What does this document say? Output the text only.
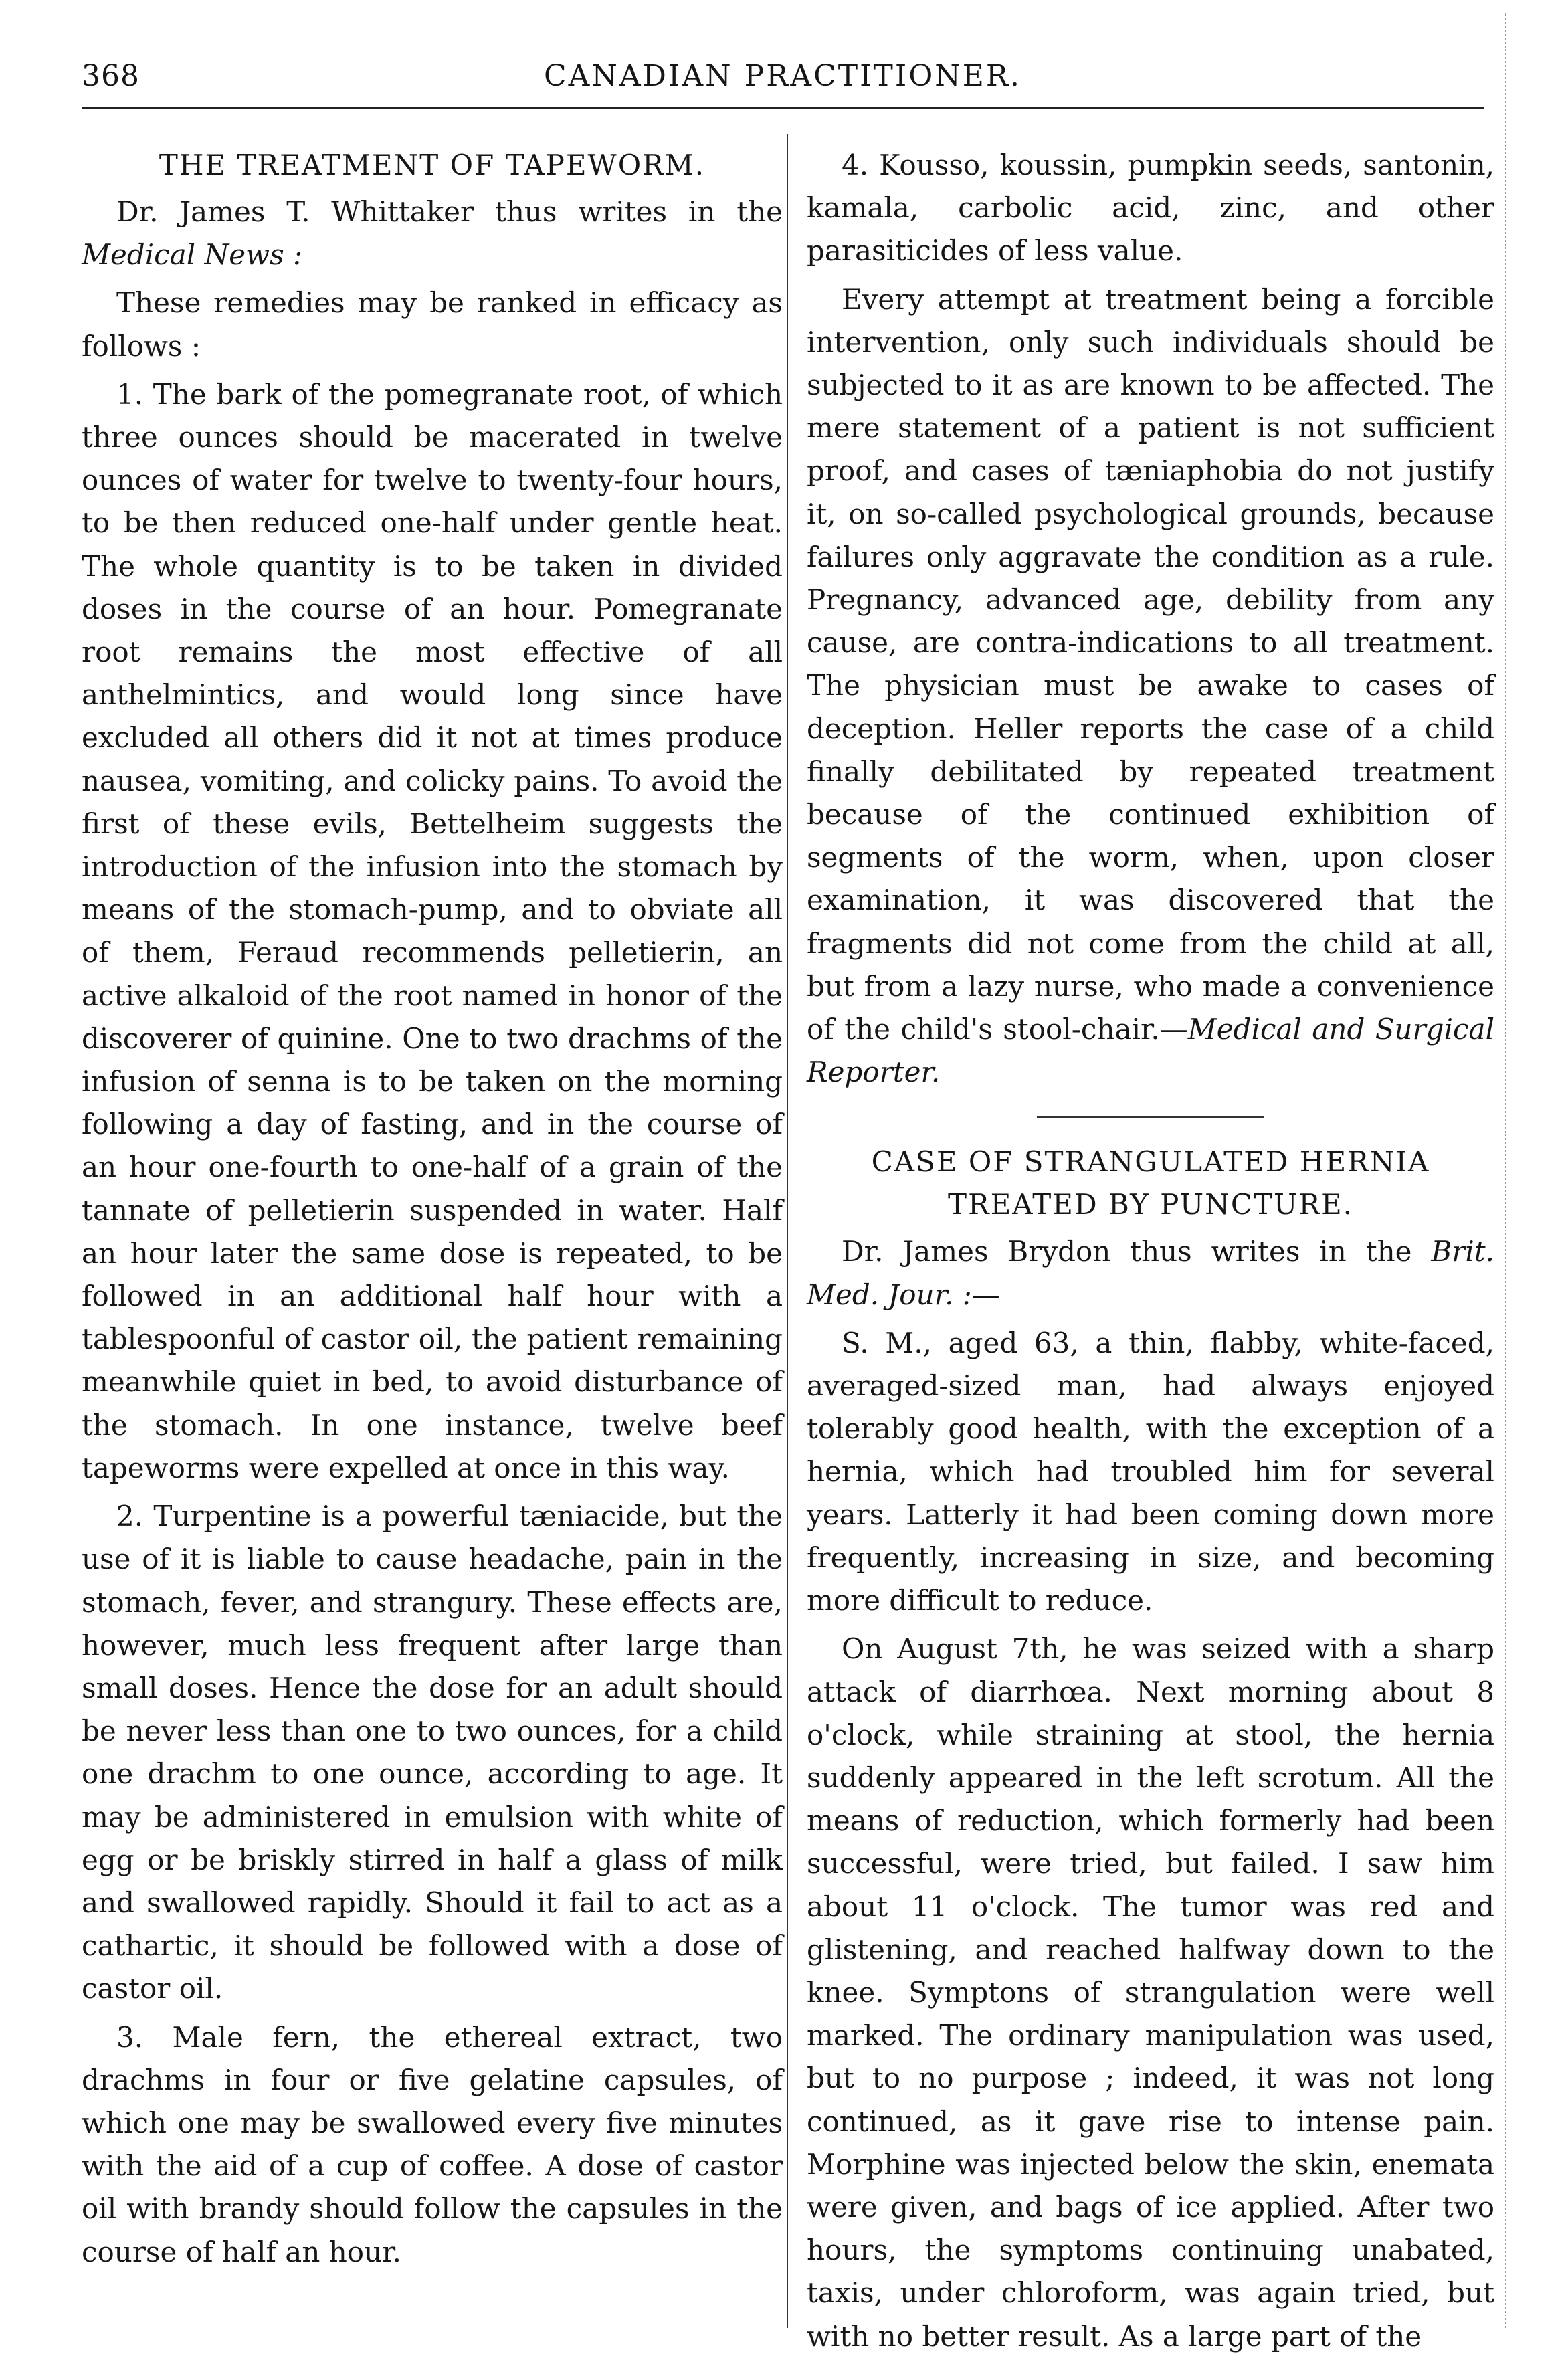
368	CANADIAN PRACTITIONER.
THE TREATMENT OF TAPEWORM.

Dr. James T. Whittaker thus writes in the Medical News :

These remedies may be ranked in efficacy as follows :

1. The bark of the pomegranate root, of which three ounces should be macerated in twelve ounces of water for twelve to twenty-four hours, to be then reduced one-half under gentle heat. The whole quantity is to be taken in divided doses in the course of an hour. Pomegranate root remains the most effective of all anthelmintics, and would long since have excluded all others did it not at times produce nausea, vomiting, and colicky pains. To avoid the first of these evils, Bettelheim suggests the introduction of the infusion into the stomach by means of the stomach-pump, and to obviate all of them, Feraud recommends pelletierin, an active alkaloid of the root named in honor of the discoverer of quinine. One to two drachms of the infusion of senna is to be taken on the morning following a day of fasting, and in the course of an hour one-fourth to one-half of a grain of the tannate of pelletierin suspended in water. Half an hour later the same dose is repeated, to be followed in an additional half hour with a tablespoonful of castor oil, the patient remaining meanwhile quiet in bed, to avoid disturbance of the stomach. In one instance, twelve beef tapeworms were expelled at once in this way.

2. Turpentine is a powerful tæniacide, but the use of it is liable to cause headache, pain in the stomach, fever, and strangury. These effects are, however, much less frequent after large than small doses. Hence the dose for an adult should be never less than one to two ounces, for a child one drachm to one ounce, according to age. It may be administered in emulsion with white of egg or be briskly stirred in half a glass of milk and swallowed rapidly. Should it fail to act as a cathartic, it should be followed with a dose of castor oil.

3. Male fern, the ethereal extract, two drachms in four or five gelatine capsules, of which one may be swallowed every five minutes with the aid of a cup of coffee. A dose of castor oil with brandy should follow the capsules in the course of half an hour.

4. Kousso, koussin, pumpkin seeds, santonin, kamala, carbolic acid, zinc, and other parasiticides of less value.

Every attempt at treatment being a forcible intervention, only such individuals should be subjected to it as are known to be affected. The mere statement of a patient is not sufficient proof, and cases of tæniaphobia do not justify it, on so-called psychological grounds, because failures only aggravate the condition as a rule. Pregnancy, advanced age, debility from any cause, are contra-indications to all treatment. The physician must be awake to cases of deception. Heller reports the case of a child finally debilitated by repeated treatment because of the continued exhibition of segments of the worm, when, upon closer examination, it was discovered that the fragments did not come from the child at all, but from a lazy nurse, who made a convenience of the child's stool-chair.—Medical and Surgical Reporter.

CASE OF STRANGULATED HERNIA
TREATED BY PUNCTURE.

Dr. James Brydon thus writes in the Brit. Med. Jour. :—

S. M., aged 63, a thin, flabby, white-faced, averaged-sized man, had always enjoyed tolerably good health, with the exception of a hernia, which had troubled him for several years. Latterly it had been coming down more frequently, increasing in size, and becoming more difficult to reduce.

On August 7th, he was seized with a sharp attack of diarrhœa. Next morning about 8 o'clock, while straining at stool, the hernia suddenly appeared in the left scrotum. All the means of reduction, which formerly had been successful, were tried, but failed. I saw him about 11 o'clock. The tumor was red and glistening, and reached halfway down to the knee. Symptons of strangulation were well marked. The ordinary manipulation was used, but to no purpose ; indeed, it was not long continued, as it gave rise to intense pain. Morphine was injected below the skin, enemata were given, and bags of ice applied. After two hours, the symptoms continuing unabated, taxis, under chloroform, was again tried, but with no better result. As a large part of the
